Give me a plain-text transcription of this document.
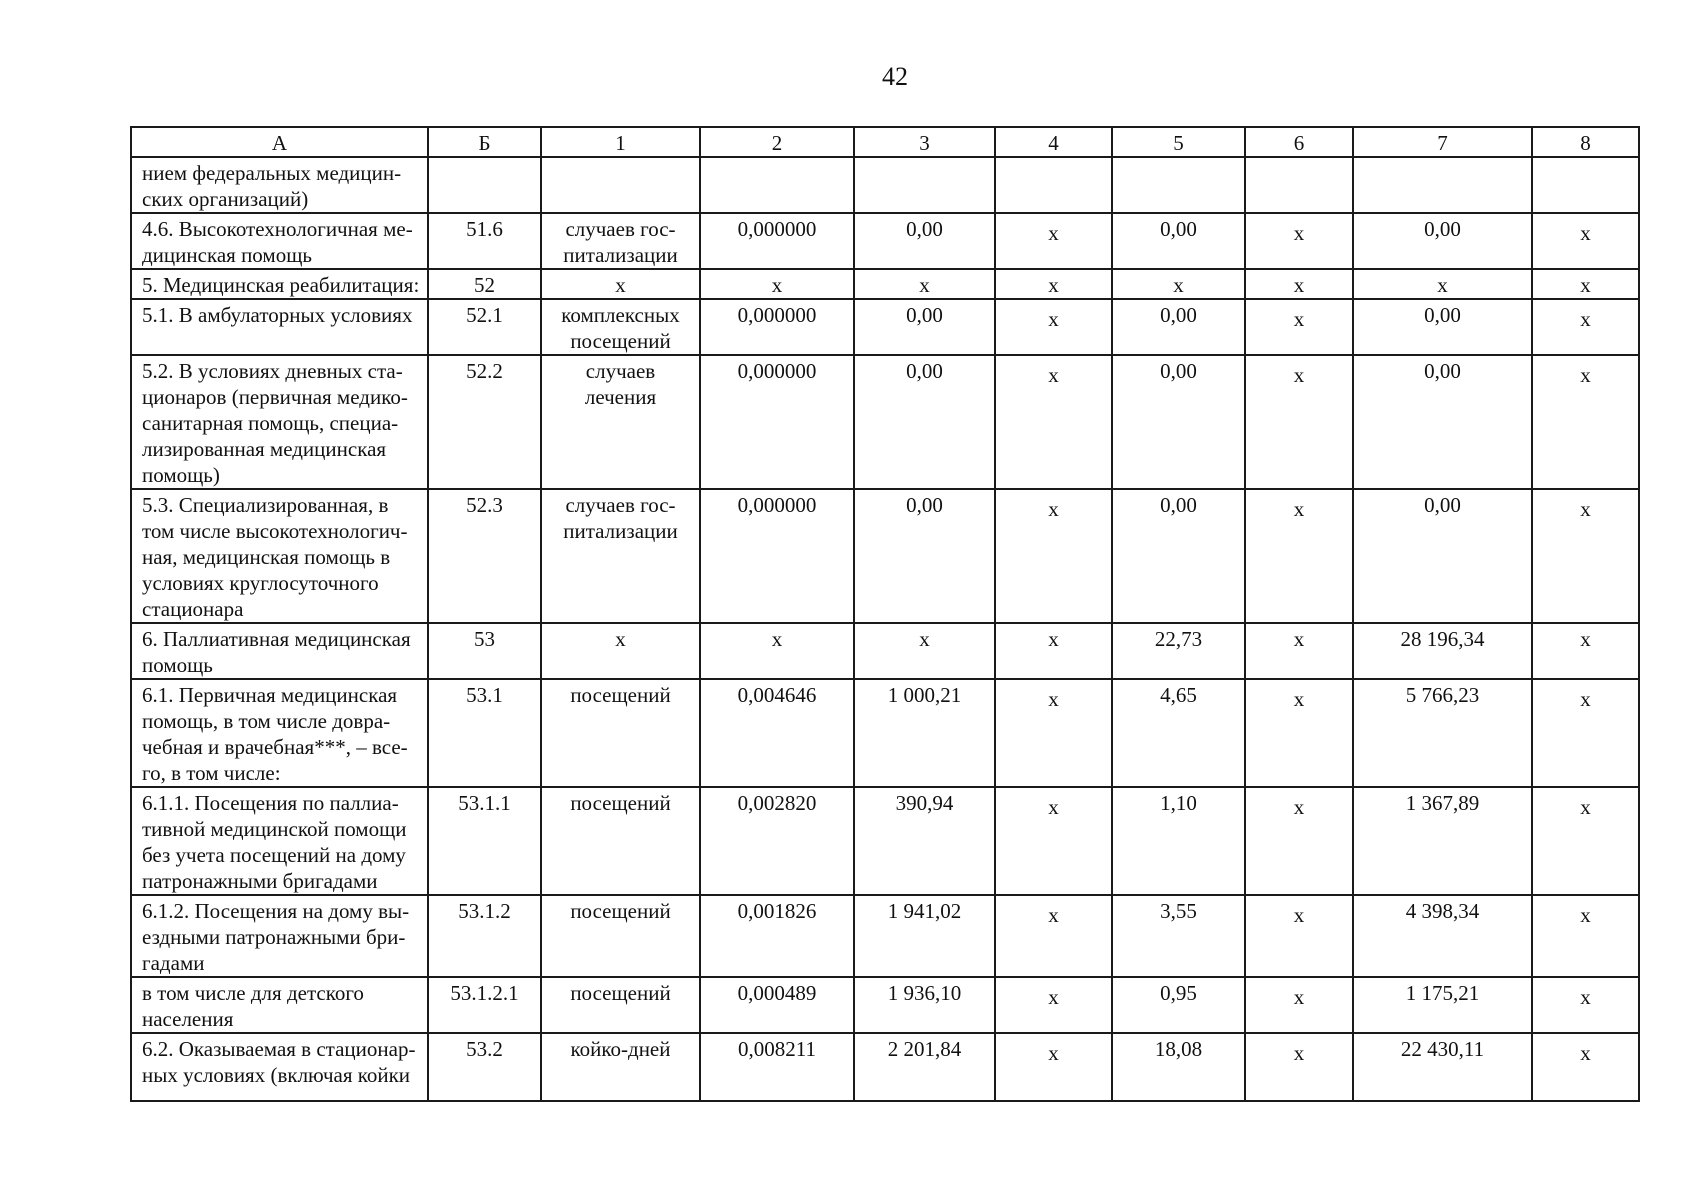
42
А	Б	1	2	3	4	5	6	7	8
нием федеральных медицин-ских организаций)									
4.6. Высокотехнологичная ме-дицинская помощь	51.6	случаев гос-питализации	0,000000	0,00	x	0,00	x	0,00	x
5. Медицинская реабилитация:	52	x	x	x	x	x	x	x	x
5.1. В амбулаторных условиях	52.1	комплексных посещений	0,000000	0,00	x	0,00	x	0,00	x
5.2. В условиях дневных ста-ционаров (первичная медико-санитарная помощь, специа-лизированная медицинская помощь)	52.2	случаев лечения	0,000000	0,00	x	0,00	x	0,00	x
5.3. Специализированная, в том числе высокотехнологич-ная, медицинская помощь в условиях круглосуточного стационара	52.3	случаев гос-питализации	0,000000	0,00	x	0,00	x	0,00	x
6. Паллиативная медицинская помощь	53	x	x	x	x	22,73	x	28 196,34	x
6.1. Первичная медицинская помощь, в том числе довра-чебная и врачебная***, – все-го, в том числе:	53.1	посещений	0,004646	1 000,21	x	4,65	x	5 766,23	x
6.1.1. Посещения по паллиа-тивной медицинской помощи без учета посещений на дому патронажными бригадами	53.1.1	посещений	0,002820	390,94	x	1,10	x	1 367,89	x
6.1.2. Посещения на дому вы-ездными патронажными бри-гадами	53.1.2	посещений	0,001826	1 941,02	x	3,55	x	4 398,34	x
в том числе для детского населения	53.1.2.1	посещений	0,000489	1 936,10	x	0,95	x	1 175,21	x
6.2. Оказываемая в стационар-ных условиях (включая койки	53.2	койко-дней	0,008211	2 201,84	x	18,08	x	22 430,11	x
